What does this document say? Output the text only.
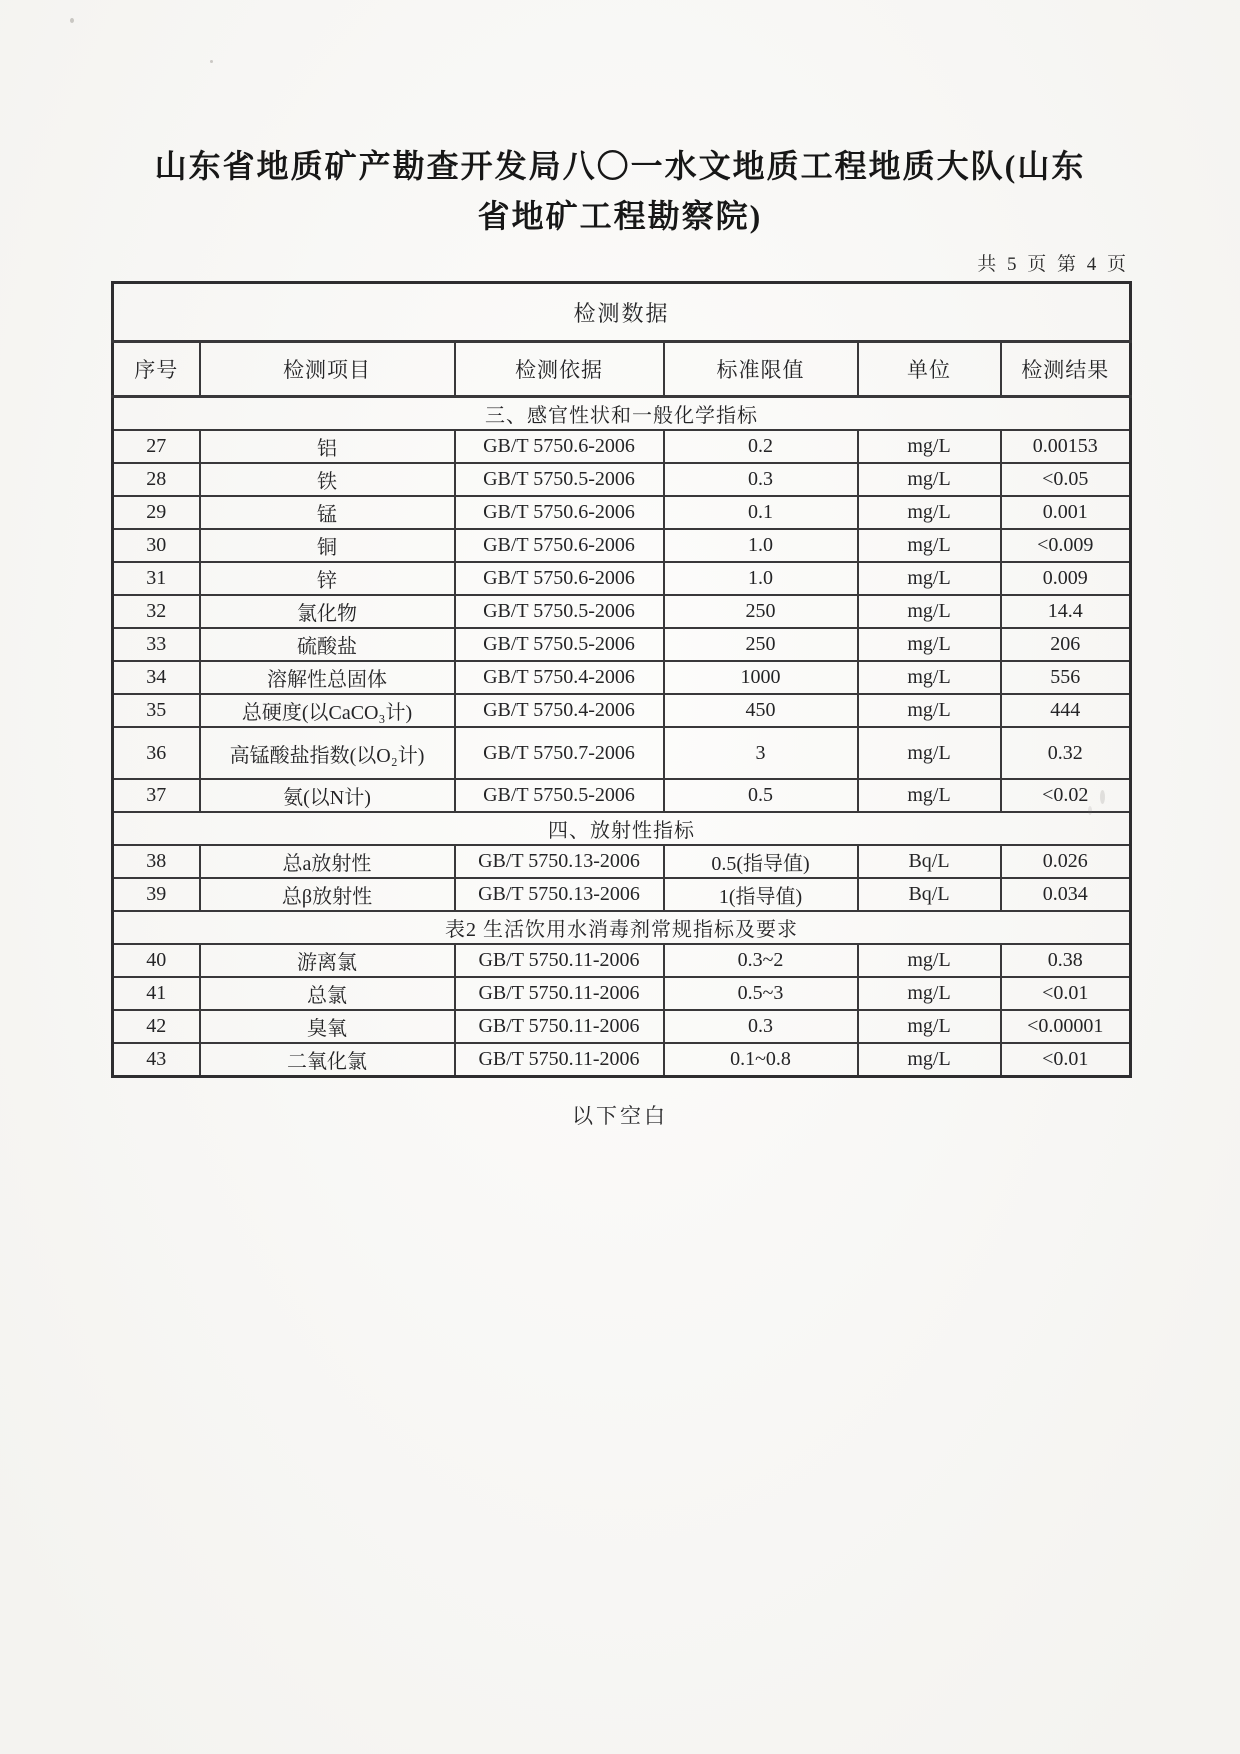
山东省地质矿产勘查开发局八〇一水文地质工程地质大队(山东省地矿工程勘察院)
共 5 页 第 4 页
检测数据					
序号	检测项目	检测依据	标准限值	单位	检测结果
三、感官性状和一般化学指标					
27	铝	GB/T 5750.6-2006	0.2	mg/L	0.00153
28	铁	GB/T 5750.5-2006	0.3	mg/L	<0.05
29	锰	GB/T 5750.6-2006	0.1	mg/L	0.001
30	铜	GB/T 5750.6-2006	1.0	mg/L	<0.009
31	锌	GB/T 5750.6-2006	1.0	mg/L	0.009
32	氯化物	GB/T 5750.5-2006	250	mg/L	14.4
33	硫酸盐	GB/T 5750.5-2006	250	mg/L	206
34	溶解性总固体	GB/T 5750.4-2006	1000	mg/L	556
35	总硬度(以CaCO₃计)	GB/T 5750.4-2006	450	mg/L	444
36	高锰酸盐指数(以O₂计)	GB/T 5750.7-2006	3	mg/L	0.32
37	氨(以N计)	GB/T 5750.5-2006	0.5	mg/L	<0.02
四、放射性指标					
38	总a放射性	GB/T 5750.13-2006	0.5(指导值)	Bq/L	0.026
39	总β放射性	GB/T 5750.13-2006	1(指导值)	Bq/L	0.034
表2 生活饮用水消毒剂常规指标及要求					
40	游离氯	GB/T 5750.11-2006	0.3~2	mg/L	0.38
41	总氯	GB/T 5750.11-2006	0.5~3	mg/L	<0.01
42	臭氧	GB/T 5750.11-2006	0.3	mg/L	<0.00001
43	二氧化氯	GB/T 5750.11-2006	0.1~0.8	mg/L	<0.01
以下空白
